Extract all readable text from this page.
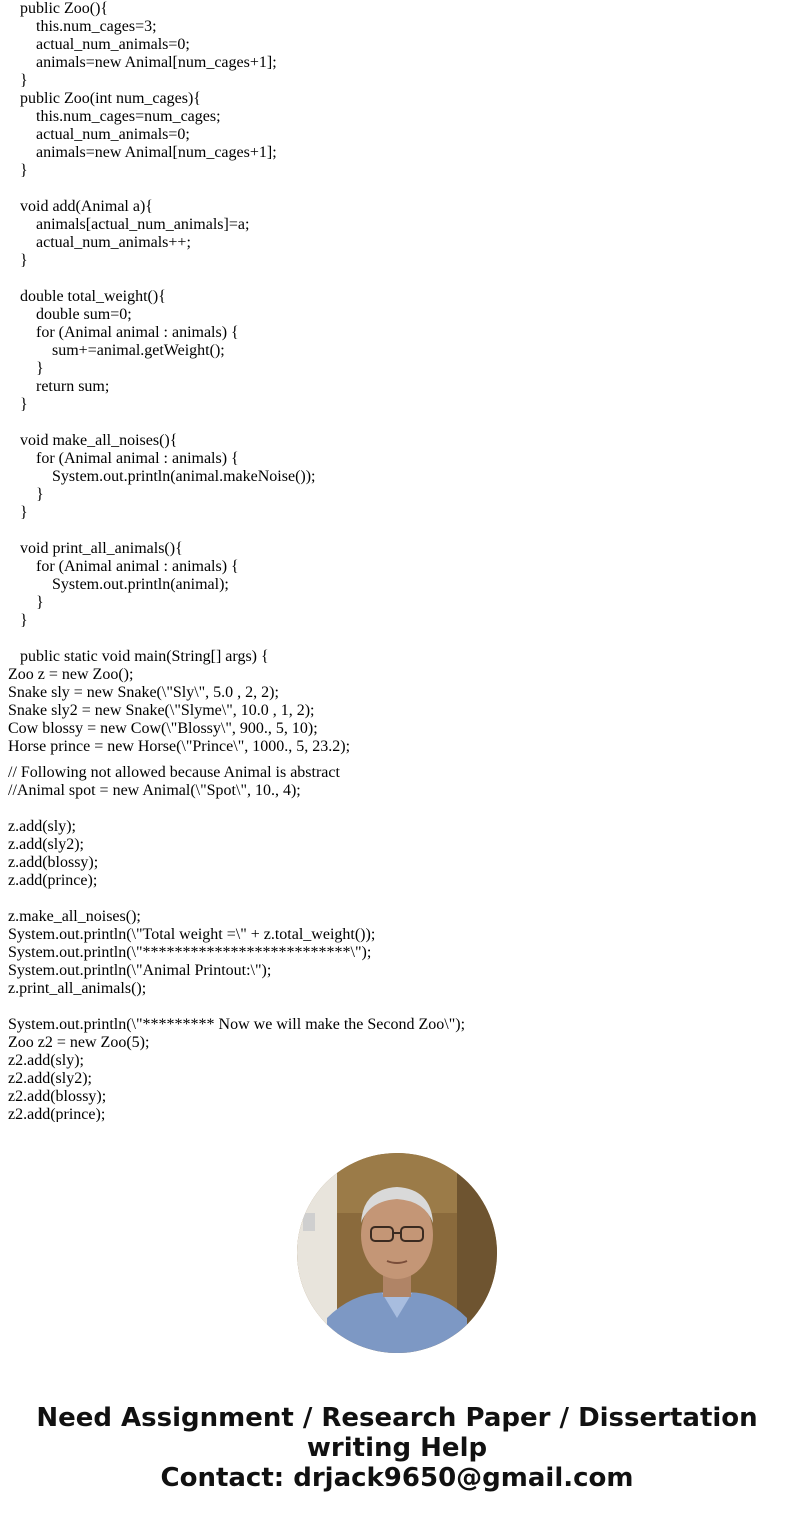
public Zoo(){
this.num_cages=3;
actual_num_animals=0;
animals=new Animal[num_cages+1];
}
public Zoo(int num_cages){
this.num_cages=num_cages;
actual_num_animals=0;
animals=new Animal[num_cages+1];
}
void add(Animal a){
animals[actual_num_animals]=a;
actual_num_animals++;
}
double total_weight(){
double sum=0;
for (Animal animal : animals) {
sum+=animal.getWeight();
}
return sum;
}
void make_all_noises(){
for (Animal animal : animals) {
System.out.println(animal.makeNoise());
}
}
void print_all_animals(){
for (Animal animal : animals) {
System.out.println(animal);
}
}
public static void main(String[] args) {
Zoo z = new Zoo();
Snake sly = new Snake(\"Sly\", 5.0 , 2, 2);
Snake sly2 = new Snake(\"Slyme\", 10.0 , 1, 2);
Cow blossy = new Cow(\"Blossy\", 900., 5, 10);
Horse prince = new Horse(\"Prince\", 1000., 5, 23.2);
// Following not allowed because Animal is abstract
//Animal spot = new Animal(\"Spot\", 10., 4);
z.add(sly);
z.add(sly2);
z.add(blossy);
z.add(prince);
z.make_all_noises();
System.out.println(\"Total weight =\" + z.total_weight());
System.out.println(\"**************************\");
System.out.println(\"Animal Printout:\");
z.print_all_animals();
System.out.println(\"********* Now we will make the Second Zoo\");
Zoo z2 = new Zoo(5);
z2.add(sly);
z2.add(sly2);
z2.add(blossy);
z2.add(prince);
Need Assignment / Research Paper / Dissertation
writing Help
Contact: drjack9650@gmail.com
